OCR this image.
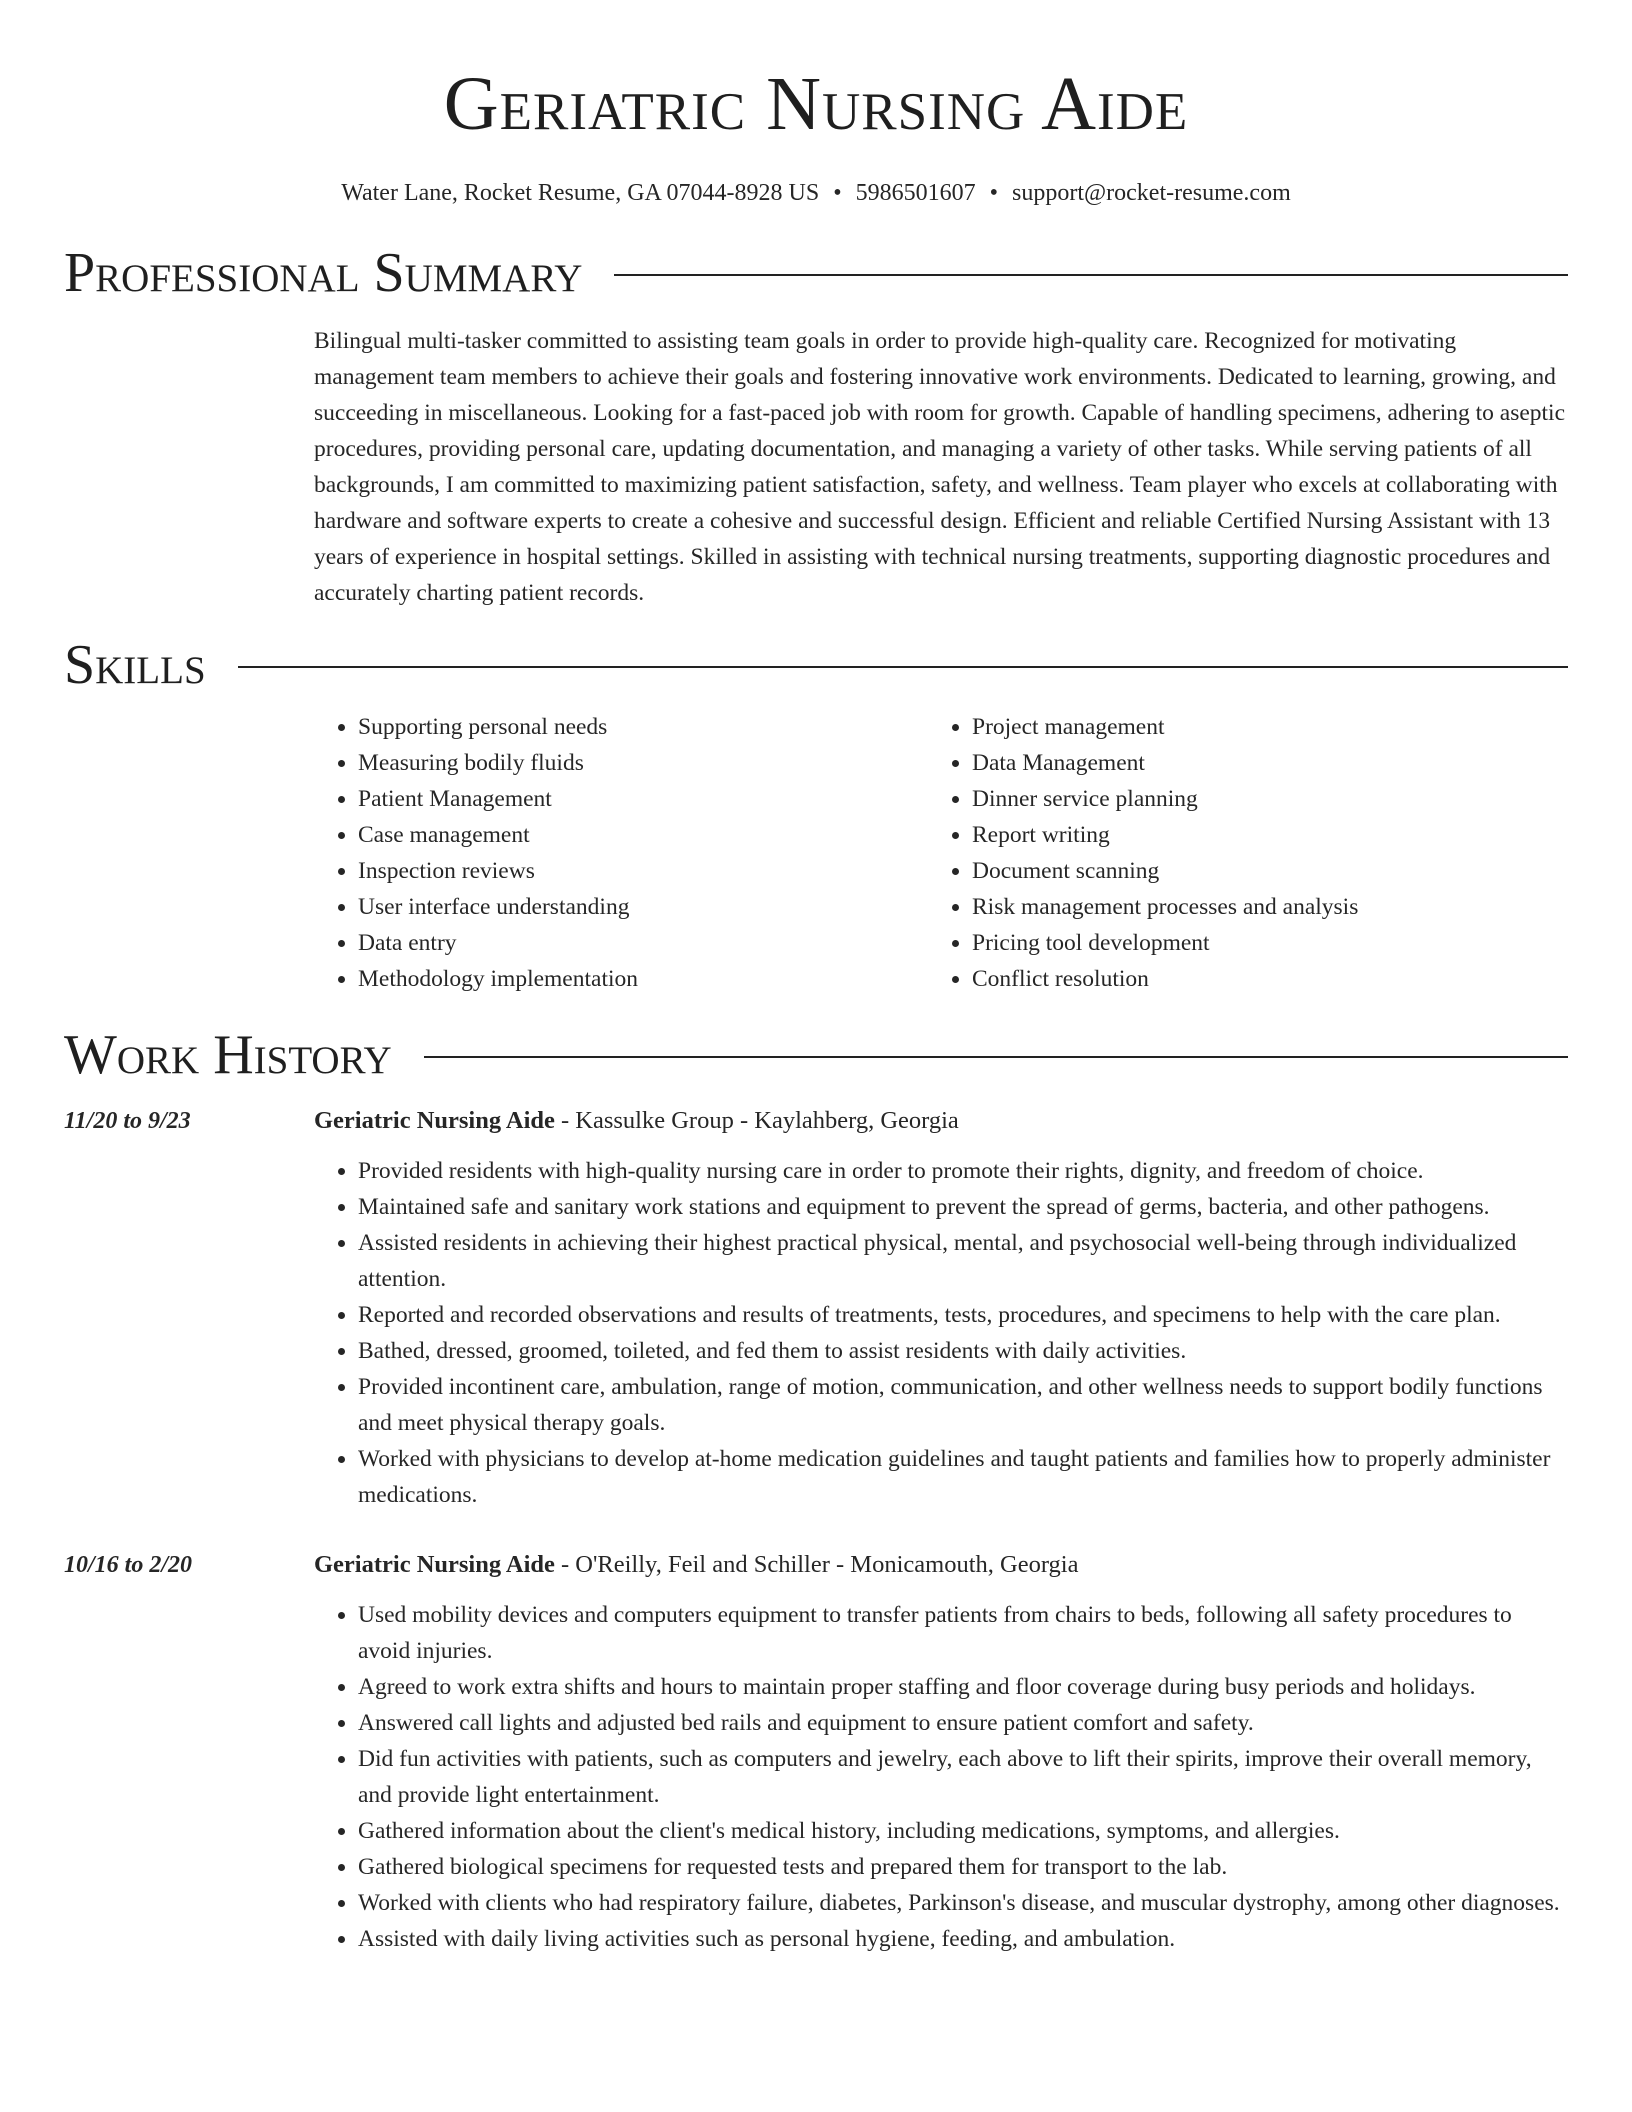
Geriatric Nursing Aide
Water Lane, Rocket Resume, GA 07044-8928 US • 5986501607 • support@rocket-resume.com
Professional Summary
Bilingual multi-tasker committed to assisting team goals in order to provide high-quality care. Recognized for motivating management team members to achieve their goals and fostering innovative work environments. Dedicated to learning, growing, and succeeding in miscellaneous. Looking for a fast-paced job with room for growth. Capable of handling specimens, adhering to aseptic procedures, providing personal care, updating documentation, and managing a variety of other tasks. While serving patients of all backgrounds, I am committed to maximizing patient satisfaction, safety, and wellness. Team player who excels at collaborating with hardware and software experts to create a cohesive and successful design. Efficient and reliable Certified Nursing Assistant with 13 years of experience in hospital settings. Skilled in assisting with technical nursing treatments, supporting diagnostic procedures and accurately charting patient records.
Skills
• Supporting personal needs
• Measuring bodily fluids
• Patient Management
• Case management
• Inspection reviews
• User interface understanding
• Data entry
• Methodology implementation
• Project management
• Data Management
• Dinner service planning
• Report writing
• Document scanning
• Risk management processes and analysis
• Pricing tool development
• Conflict resolution
Work History
11/20 to 9/23	Geriatric Nursing Aide - Kassulke Group - Kaylahberg, Georgia
• Provided residents with high-quality nursing care in order to promote their rights, dignity, and freedom of choice.
• Maintained safe and sanitary work stations and equipment to prevent the spread of germs, bacteria, and other pathogens.
• Assisted residents in achieving their highest practical physical, mental, and psychosocial well-being through individualized attention.
• Reported and recorded observations and results of treatments, tests, procedures, and specimens to help with the care plan.
• Bathed, dressed, groomed, toileted, and fed them to assist residents with daily activities.
• Provided incontinent care, ambulation, range of motion, communication, and other wellness needs to support bodily functions and meet physical therapy goals.
• Worked with physicians to develop at-home medication guidelines and taught patients and families how to properly administer medications.
10/16 to 2/20	Geriatric Nursing Aide - O'Reilly, Feil and Schiller - Monicamouth, Georgia
• Used mobility devices and computers equipment to transfer patients from chairs to beds, following all safety procedures to avoid injuries.
• Agreed to work extra shifts and hours to maintain proper staffing and floor coverage during busy periods and holidays.
• Answered call lights and adjusted bed rails and equipment to ensure patient comfort and safety.
• Did fun activities with patients, such as computers and jewelry, each above to lift their spirits, improve their overall memory, and provide light entertainment.
• Gathered information about the client's medical history, including medications, symptoms, and allergies.
• Gathered biological specimens for requested tests and prepared them for transport to the lab.
• Worked with clients who had respiratory failure, diabetes, Parkinson's disease, and muscular dystrophy, among other diagnoses.
• Assisted with daily living activities such as personal hygiene, feeding, and ambulation.
